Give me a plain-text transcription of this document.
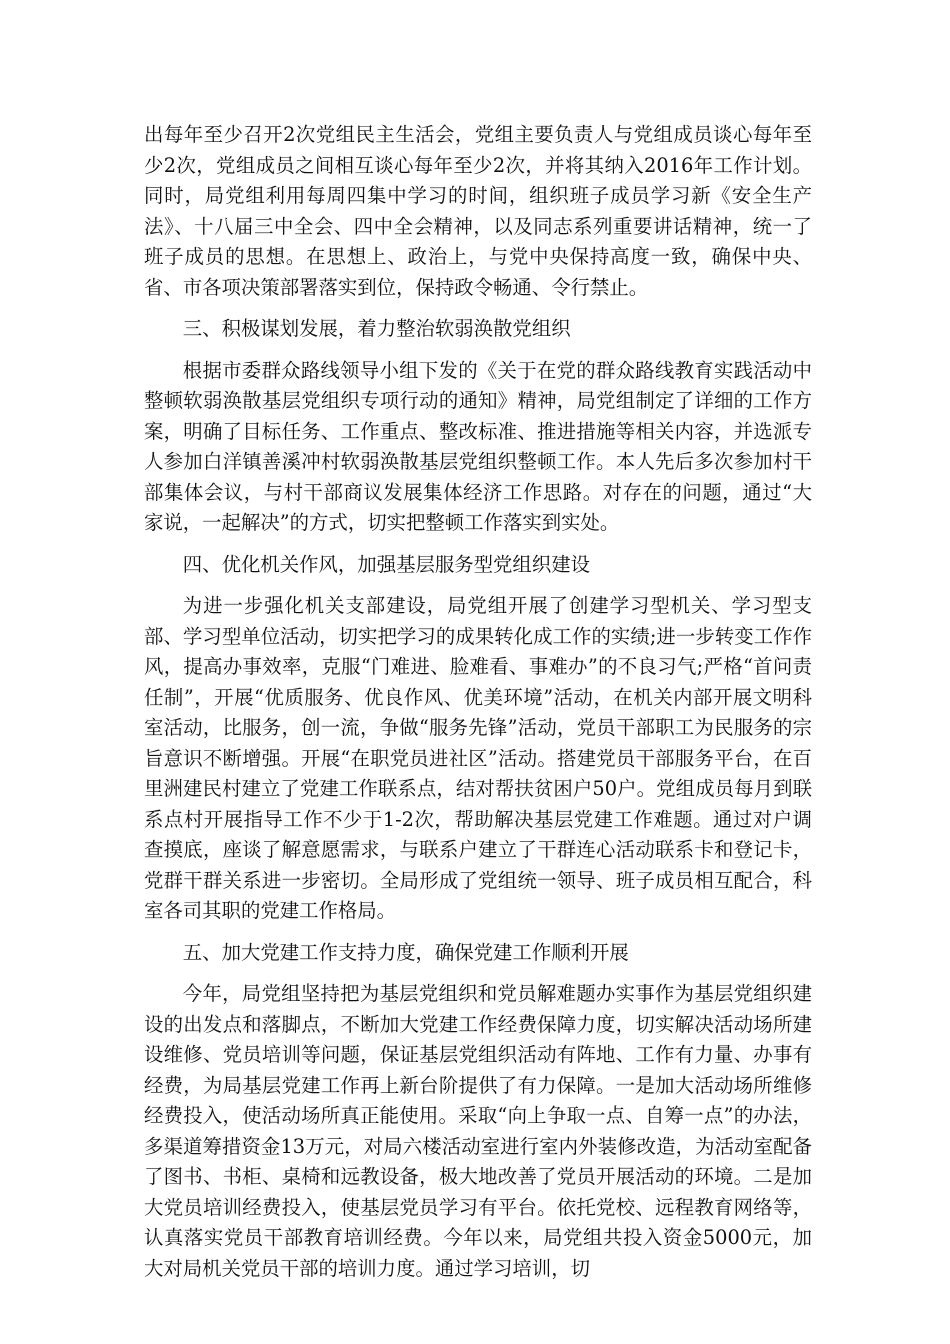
出每年至少召开2次党组民主生活会，党组主要负责人与党组成员谈心每年至少2次，党组成员之间相互谈心每年至少2次，并将其纳入2016年工作计划。同时，局党组利用每周四集中学习的时间，组织班子成员学习新《安全生产法》、十八届三中全会、四中全会精神，以及同志系列重要讲话精神，统一了班子成员的思想。在思想上、政治上，与党中央保持高度一致，确保中央、省、市各项决策部署落实到位，保持政令畅通、令行禁止。

三、积极谋划发展，着力整治软弱涣散党组织

根据市委群众路线领导小组下发的《关于在党的群众路线教育实践活动中整顿软弱涣散基层党组织专项行动的通知》精神，局党组制定了详细的工作方案，明确了目标任务、工作重点、整改标准、推进措施等相关内容，并选派专人参加白洋镇善溪冲村软弱涣散基层党组织整顿工作。本人先后多次参加村干部集体会议，与村干部商议发展集体经济工作思路。对存在的问题，通过“大家说，一起解决”的方式，切实把整顿工作落实到实处。

四、优化机关作风，加强基层服务型党组织建设

为进一步强化机关支部建设，局党组开展了创建学习型机关、学习型支部、学习型单位活动，切实把学习的成果转化成工作的实绩;进一步转变工作作风，提高办事效率，克服“门难进、脸难看、事难办”的不良习气;严格“首问责任制”，开展“优质服务、优良作风、优美环境”活动，在机关内部开展文明科室活动，比服务，创一流，争做“服务先锋”活动，党员干部职工为民服务的宗旨意识不断增强。开展“在职党员进社区”活动。搭建党员干部服务平台，在百里洲建民村建立了党建工作联系点，结对帮扶贫困户50户。党组成员每月到联系点村开展指导工作不少于1-2次，帮助解决基层党建工作难题。通过对户调查摸底，座谈了解意愿需求，与联系户建立了干群连心活动联系卡和登记卡，党群干群关系进一步密切。全局形成了党组统一领导、班子成员相互配合，科室各司其职的党建工作格局。

五、加大党建工作支持力度，确保党建工作顺利开展

今年，局党组坚持把为基层党组织和党员解难题办实事作为基层党组织建设的出发点和落脚点，不断加大党建工作经费保障力度，切实解决活动场所建设维修、党员培训等问题，保证基层党组织活动有阵地、工作有力量、办事有经费，为局基层党建工作再上新台阶提供了有力保障。一是加大活动场所维修经费投入，使活动场所真正能使用。采取“向上争取一点、自筹一点”的办法，多渠道筹措资金13万元，对局六楼活动室进行室内外装修改造，为活动室配备了图书、书柜、桌椅和远教设备，极大地改善了党员开展活动的环境。二是加大党员培训经费投入，使基层党员学习有平台。依托党校、远程教育网络等，认真落实党员干部教育培训经费。今年以来，局党组共投入资金5000元，加大对局机关党员干部的培训力度。通过学习培训，切
